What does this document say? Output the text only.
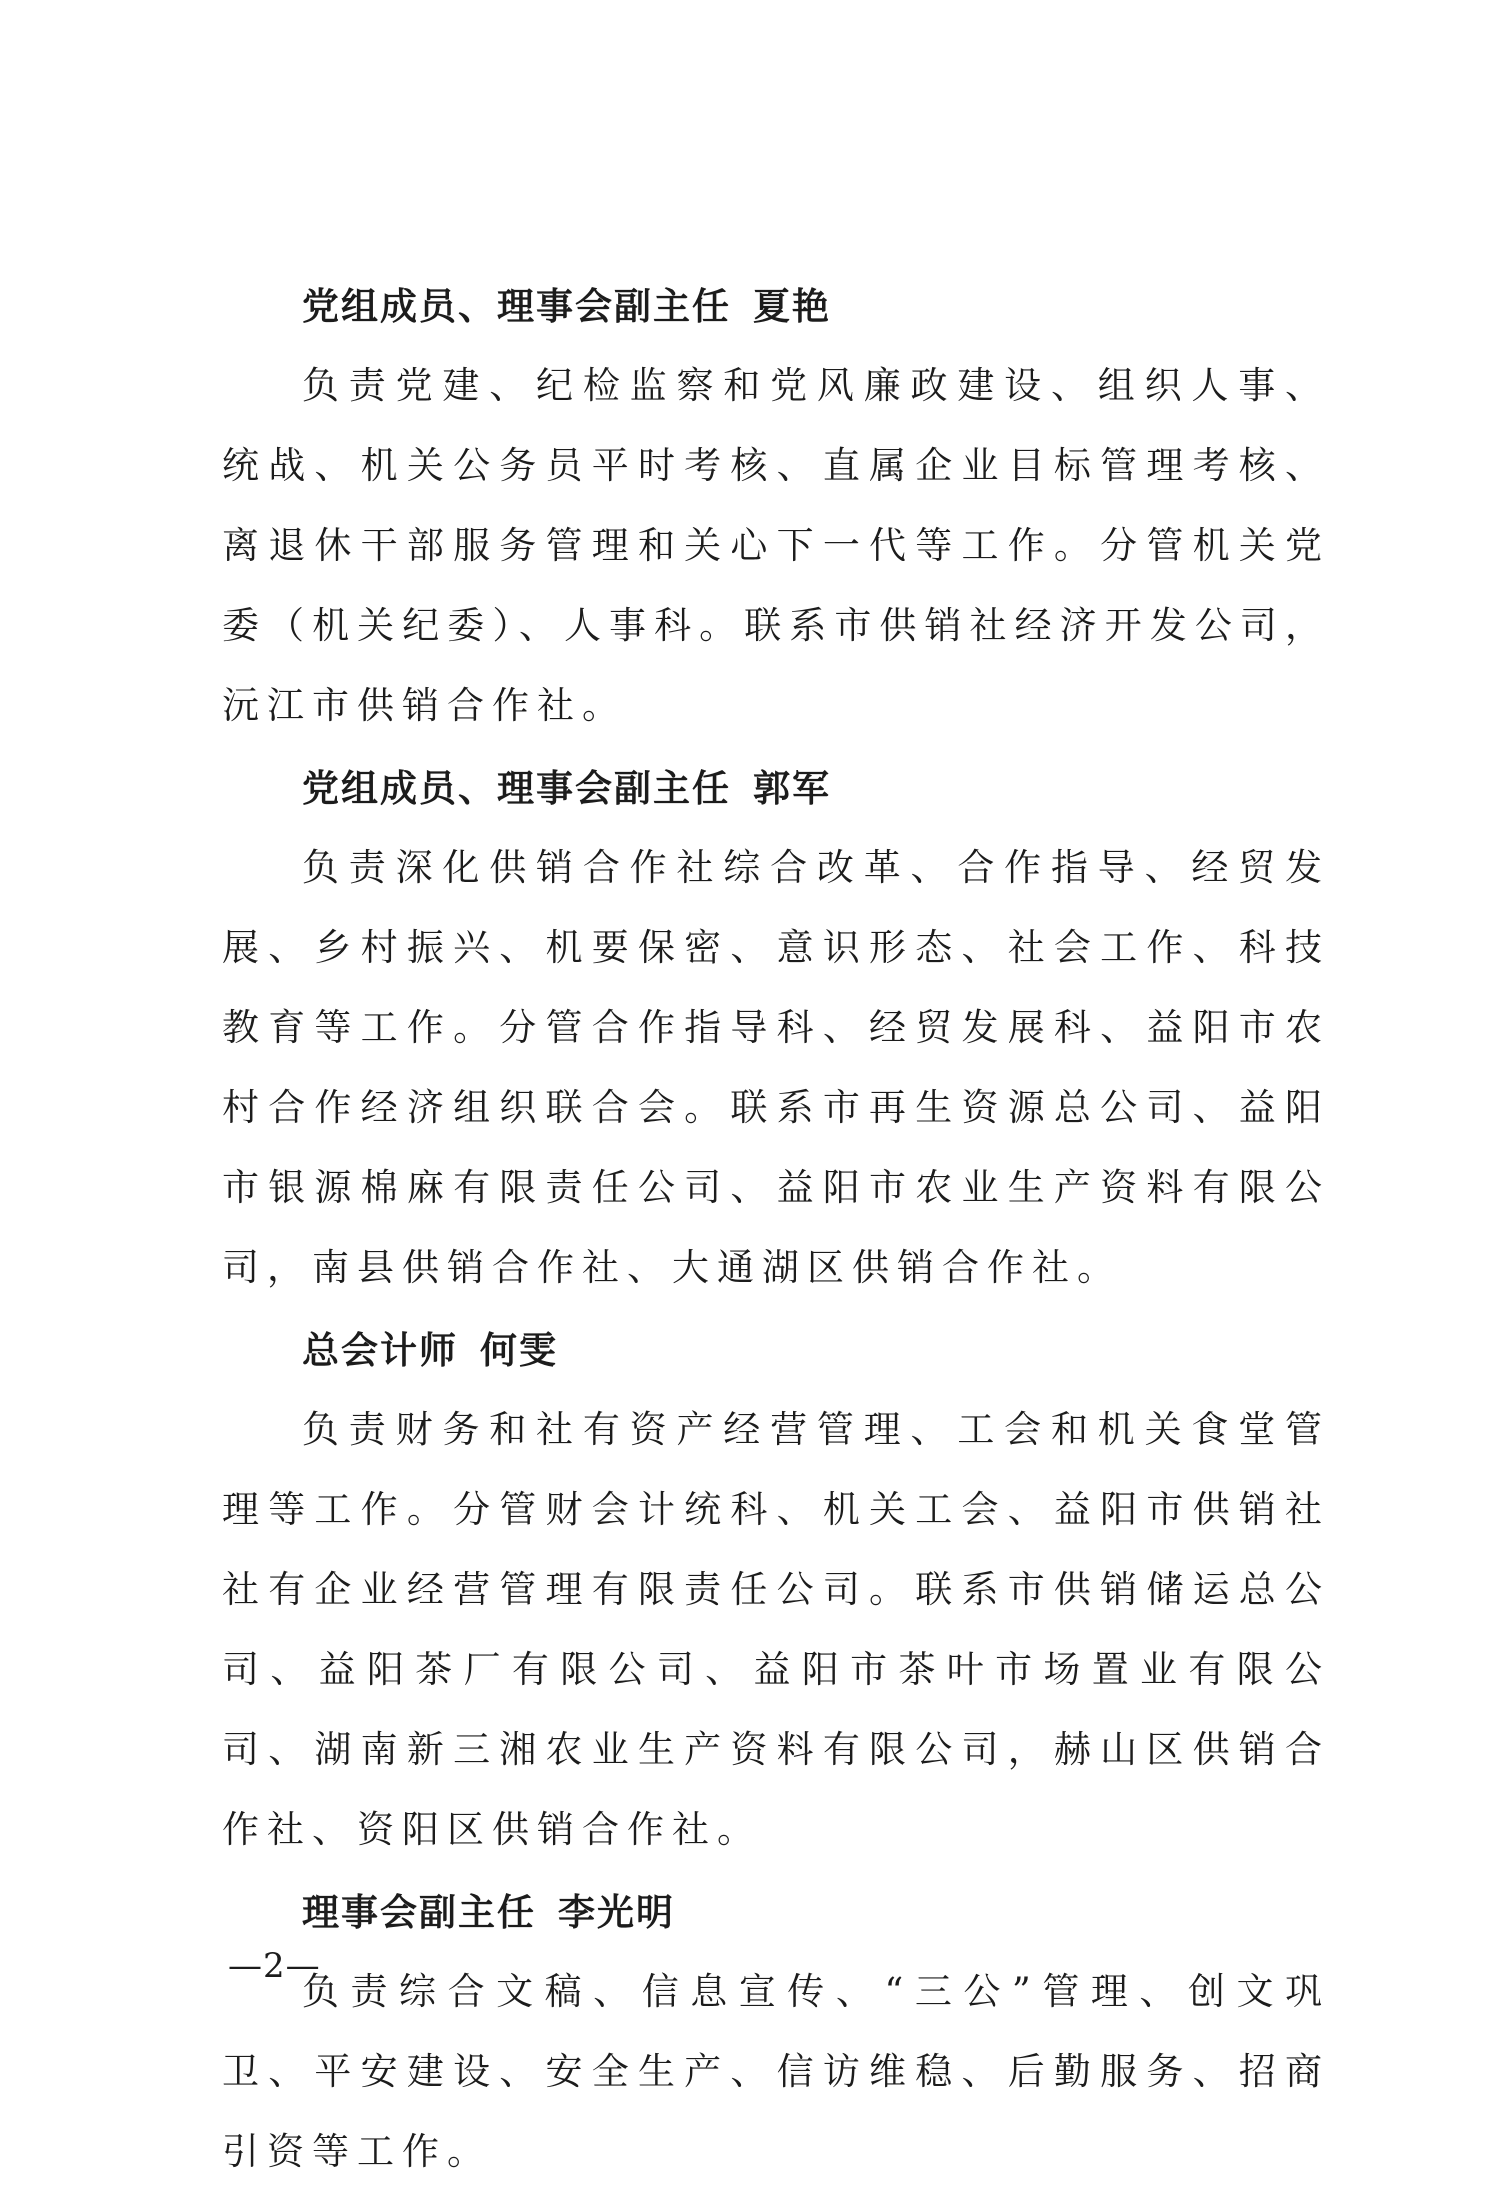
党组成员、理事会副主任 夏艳

负责党建、纪检监察和党风廉政建设、组织人事、统战、机关公务员平时考核、直属企业目标管理考核、离退休干部服务管理和关心下一代等工作。分管机关党委（机关纪委）、人事科。联系市供销社经济开发公司，沅江市供销合作社。

党组成员、理事会副主任 郭军

负责深化供销合作社综合改革、合作指导、经贸发展、乡村振兴、机要保密、意识形态、社会工作、科技教育等工作。分管合作指导科、经贸发展科、益阳市农村合作经济组织联合会。联系市再生资源总公司、益阳市银源棉麻有限责任公司、益阳市农业生产资料有限公司，南县供销合作社、大通湖区供销合作社。

总会计师 何雯

负责财务和社有资产经营管理、工会和机关食堂管理等工作。分管财会计统科、机关工会、益阳市供销社社有企业经营管理有限责任公司。联系市供销储运总公司、益阳茶厂有限公司、益阳市茶叶市场置业有限公司、湖南新三湘农业生产资料有限公司，赫山区供销合作社、资阳区供销合作社。

理事会副主任 李光明

负责综合文稿、信息宣传、“三公”管理、创文巩卫、平安建设、安全生产、信访维稳、后勤服务、招商引资等工作。

—2—
